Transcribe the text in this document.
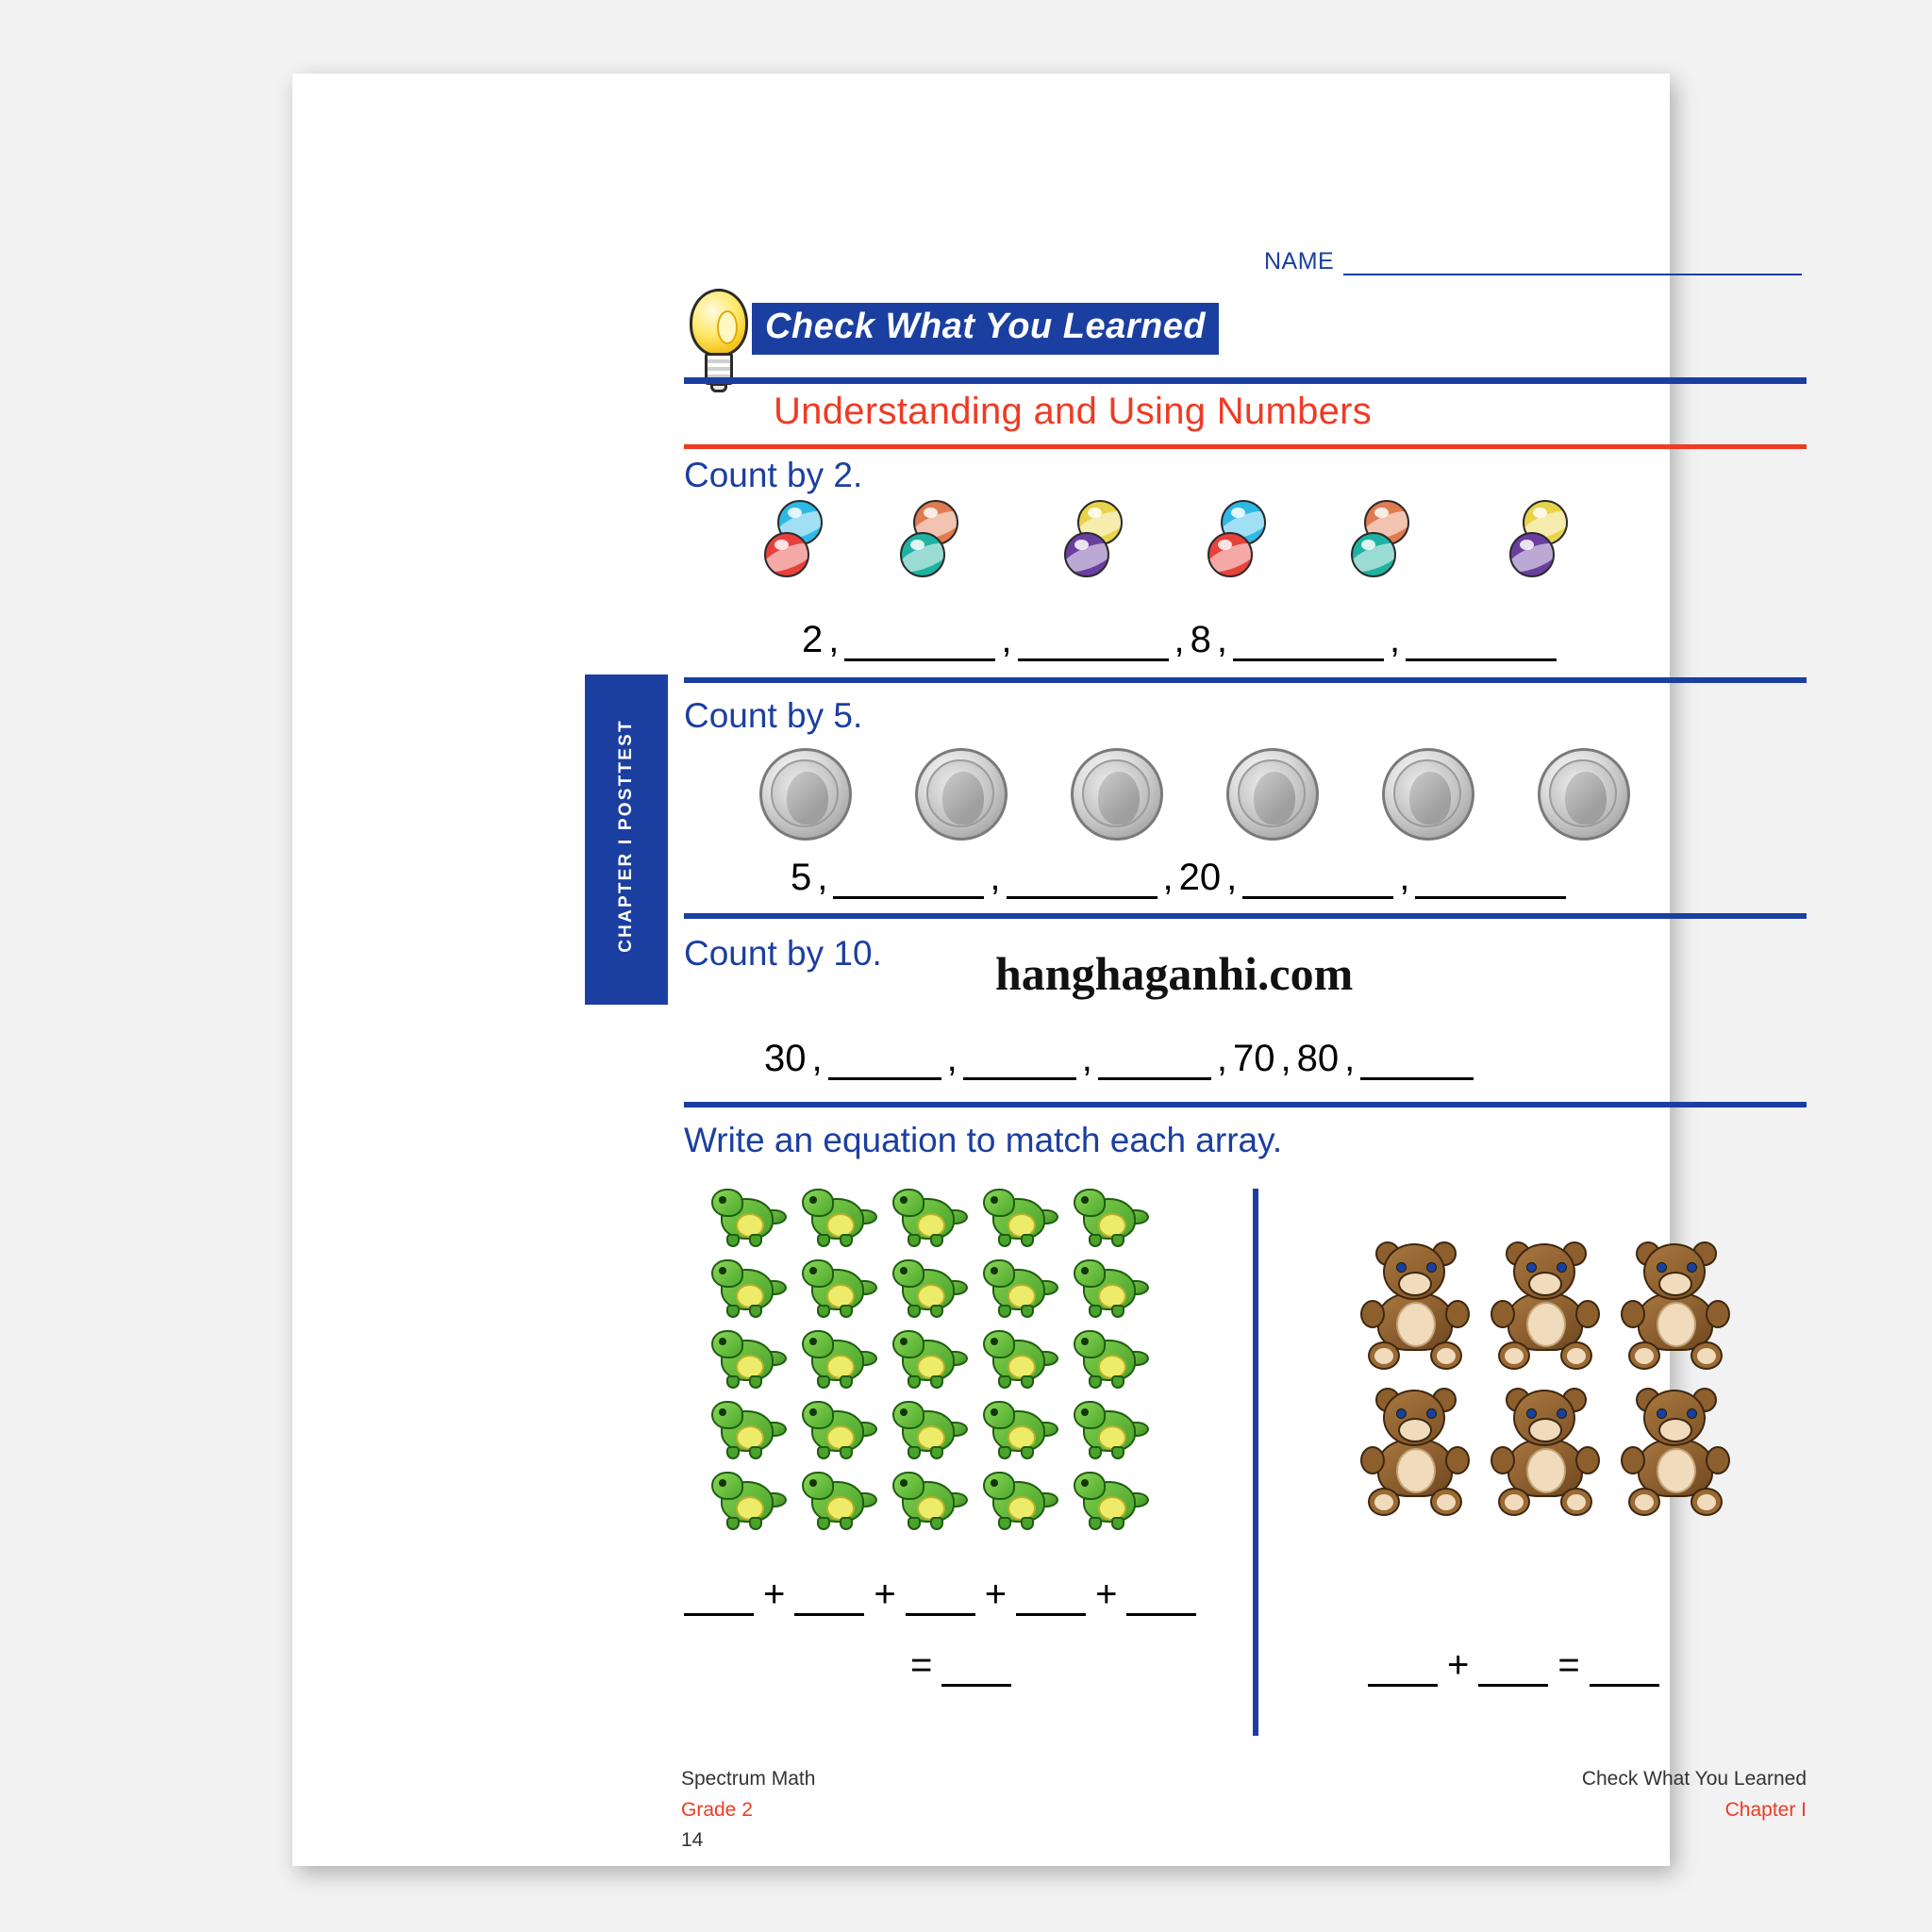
NAME
Check What You Learned
Understanding and Using Numbers
CHAPTER I POSTTEST
Count by 2.
2 ,	,	, 8 ,	,
Count by 5.
5 ,	,	, 20 ,	,
Count by 10. hanghaganhi.com
30 ,	,	,	, 70 , 80 ,
Write an equation to match each array.
+ + + +
=	+ =
Spectrum Math
Grade 2
14
Check What You Learned
Chapter I
